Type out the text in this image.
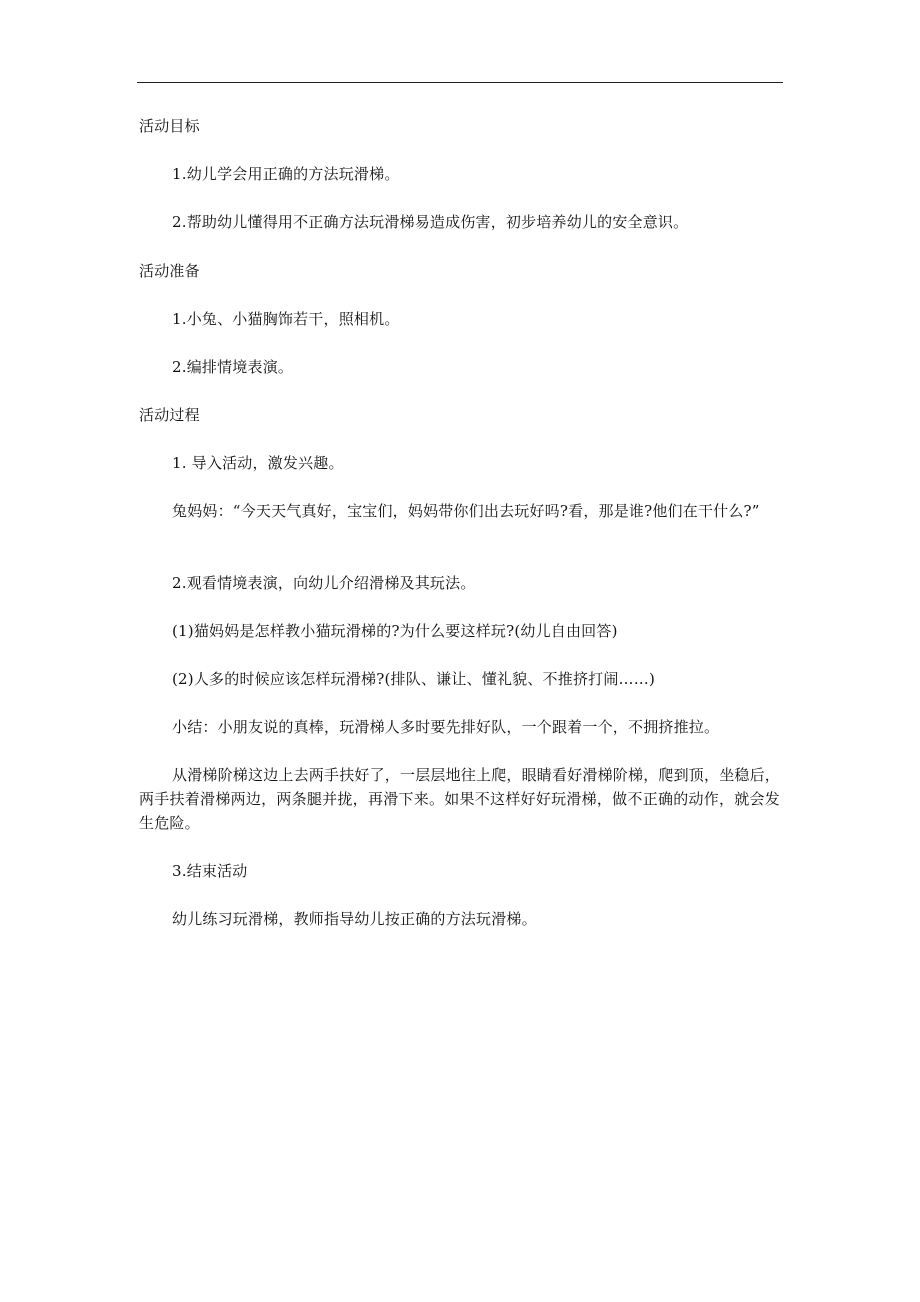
活动目标
1.幼儿学会用正确的方法玩滑梯。
2.帮助幼儿懂得用不正确方法玩滑梯易造成伤害，初步培养幼儿的安全意识。
活动准备
1.小兔、小猫胸饰若干，照相机。
2.编排情境表演。
活动过程
1. 导入活动，激发兴趣。
兔妈妈：“今天天气真好，宝宝们，妈妈带你们出去玩好吗?看，那是谁?他们在干什么?”
2.观看情境表演，向幼儿介绍滑梯及其玩法。
(1)猫妈妈是怎样教小猫玩滑梯的?为什么要这样玩?(幼儿自由回答)
(2)人多的时候应该怎样玩滑梯?(排队、谦让、懂礼貌、不推挤打闹……)
小结：小朋友说的真棒，玩滑梯人多时要先排好队，一个跟着一个，不拥挤推拉。
从滑梯阶梯这边上去两手扶好了，一层层地往上爬，眼睛看好滑梯阶梯，爬到顶，坐稳后，两手扶着滑梯两边，两条腿并拢，再滑下来。如果不这样好好玩滑梯，做不正确的动作，就会发生危险。
3.结束活动
幼儿练习玩滑梯，教师指导幼儿按正确的方法玩滑梯。
